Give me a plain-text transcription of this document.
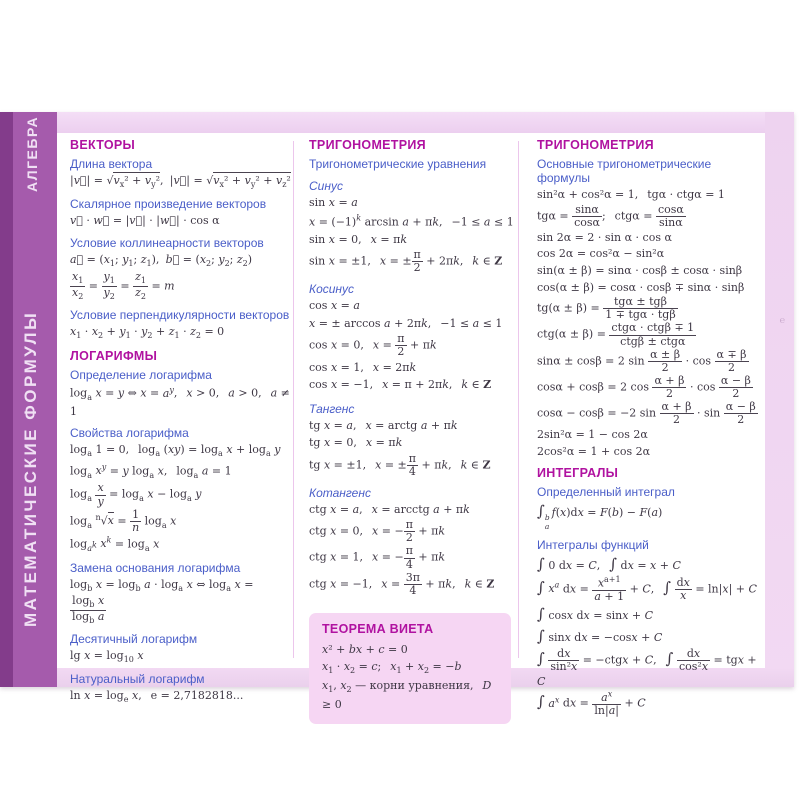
℮
АЛГЕБРА
МАТЕМАТИЧЕСКИЕ ФОРМУЛЫ
ВЕКТОРЫ
Длина вектора
|v⃗| = $√v_x^2 + v_y^2$,  |v⃗| = $√v_x^2 + v_y^2 + v_z^2$
Скалярное произведение векторов
v⃗ · w⃗ = |v⃗| · |w⃗| · cos α
Условие коллинеарности векторов
a⃗ = ($x_1$; $y_1$; $z_1$),  b⃗ = ($x_2$; $y_2$; $z_2$)
$\frac{x_1}{x_2} = \frac{y_1}{y_2} = \frac{z_1}{z_2} = m$
Условие перпендикулярности векторов
$x_1 \cdot x_2 + y_1 \cdot y_2 + z_1 \cdot z_2 = 0$
ЛОГАРИФМЫ
Определение логарифма
$\log_a x = y$ ⇔ $x = a^y$,  x > 0,  a > 0,  a ≠ 1
Свойства логарифма
$\log_a 1 = 0$,  $\log_a (xy) = \log_a x + \log_a y$
$\log_a x^y = y$ $\log_a x$,  $\log_a a = 1$
$\log_a \frac{x}{y} = \log_a x - \log_a y$
$\log_a ^n√x = \frac{1}{n} \log_a x$
$\log_{a^k} x^k = \log_a x$
Замена основания логарифма
$\log_b x = \log_b a \cdot \log_a x$ ⇔ $\log_a x$ =
$\frac{\log_b x}{\log_b a}$
Десятичный логарифм
$\lg x = \log_{10} x$
Натуральный логарифм
$\ln x = \log_e x$,  e = 2,7182818...
ТРИГОНОМЕТРИЯ
Тригонометрические уравнения
Синус
sin x = a
$x = (-1)^k$ arcsin a + πk,  −1 ≤ a ≤ 1
sin x = 0,  x = πk
sin x = ±1,  x = ± $\frac{\pi}{2} + 2\pi k$,  k ∈ Z
Косинус
cos x = a
x = ± arccos a + 2πk,  −1 ≤ a ≤ 1
cos x = 0,  $x = \frac{\pi}{2} + \pi k$
cos x = 1,  x = 2πk
cos x = −1,  x = π + 2πk,  k ∈ Z
Тангенс
tg x = a,  x = arctg a + πk
tg x = 0,  x = πk
tg x = ±1,  x = ± $\frac{\pi}{4} + \pi k$,  k ∈ Z
Котангенс
ctg x = a,  x = arcctg a + πk
ctg x = 0,  x = − $\frac{\pi}{2} + \pi k$
ctg x = 1,  x = − $\frac{\pi}{4} + \pi k$
ctg x = −1,  $x = \frac{3\pi}{4} + \pi k$,  k ∈ Z
ТЕОРЕМА ВИЕТА
x² + bx + c = 0
$x_1 \cdot x_2 = c$;  $x_1 + x_2 = -b$
$x_1$, $x_2$ — корни уравнения,  D ≥ 0
ТРИГОНОМЕТРИЯ
Основные тригонометрические формулы
sin²α + cos²α = 1,  tgα · ctgα = 1
$tg\alpha = \frac{\sin\alpha}{\cos\alpha}$ ;  $ctg\alpha = \frac{\cos\alpha}{\sin\alpha}$
sin 2α = 2 · sin α · cos α
cos 2α = cos²α − sin²α
sin(α ± β) = sinα · cosβ ± cosα · sinβ
cos(α ± β) = cosα · cosβ ∓ sinα · sinβ
tg(α ± β) =
tgα ± tgβ
1 ∓ tgα · tgβ
ctg(α ± β) =
ctgα · ctgβ ∓ 1
ctgβ ± ctgα
sinα ± cosβ = 2 $\sin \frac{\alpha \pm \beta}{2} \cdot \cos \frac{\alpha \mp \beta}{2}$
cosα + cosβ = 2 $\cos \frac{\alpha + \beta}{2} \cdot \cos \frac{\alpha - \beta}{2}$
cosα − cosβ = −2 $\sin \frac{\alpha + \beta}{2} \cdot \sin \frac{\alpha - \beta}{2}$
2sin²α = 1 − cos 2α
2cos²α = 1 + cos 2α
ИНТЕГРАЛЫ
Определенный интеграл
∫ b
a
f(x)dx = F(b) − F(a)
Интегралы функций
∫ 0 dx = C,  ∫ dx = x + C
∫ $x^a$ dx = $\frac{x^{a+1}}{a + 1} + C$,  ∫ $\frac{dx}{x} = \ln|x| + C$
∫ cosx dx = sinx + C
∫ sinx dx = −cosx + C
∫ $\frac{dx}{\text{sin²x}}$ = −ctgx + C,  ∫ $\frac{dx}{\text{cos²x}}$ = tgx + C
∫ $a^x$ dx = $\frac{a^x}{\ln|a|} + C$
